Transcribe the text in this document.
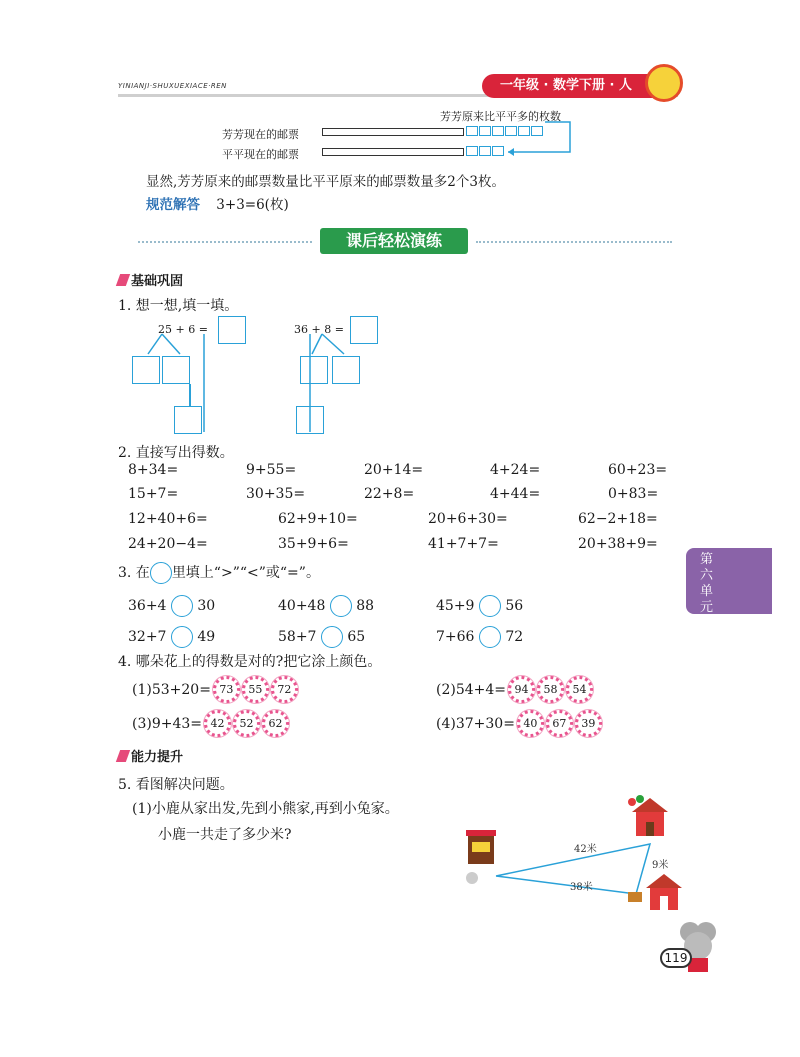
YINIANJI·SHUXUEXIACE·REN	一年级 · 数学下册 · 人
芳芳原来比平平多的枚数
芳芳现在的邮票
平平现在的邮票
显然,芳芳原来的邮票数量比平平原来的邮票数量多2个3枚。
规范解答 3+3=6(枚)
课后轻松演练
基础巩固
1. 想一想,填一填。
25 + 6 =	36 + 8 =
2. 直接写出得数。
8+34=	9+55=	20+14=	4+24=	60+23=
15+7=	30+35=	22+8=	4+44=	0+83=
12+40+6=	62+9+10=	20+6+30=	62−2+18=
24+20−4=	35+9+6=	41+7+7=	20+38+9=
3. 在 里填上“>”“<”或“=”。
36+4 30	40+48 88	45+9 56
32+7 49	58+7 65	7+66 72
4. 哪朵花上的得数是对的?把它涂上颜色。
(1)53+20= 73	55	72	(2)54+4= 94	58	54
(3)9+43= 42	52	62	(4)37+30= 40	67	39
能力提升
5. 看图解决问题。
(1)小鹿从家出发,先到小熊家,再到小兔家。
小鹿一共走了多少米?
42米
38米
9米
第
六
单
元
119
